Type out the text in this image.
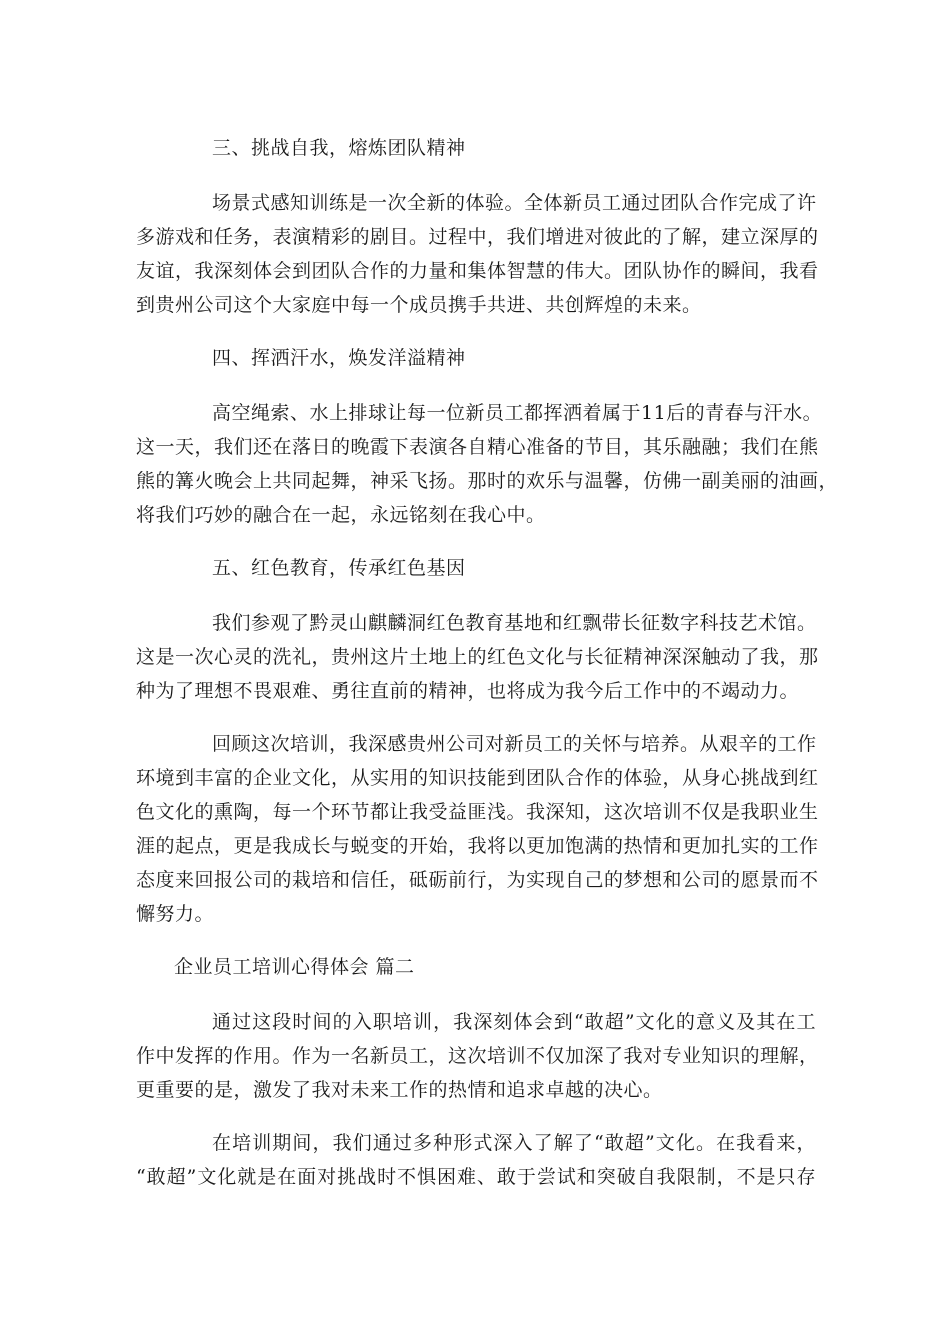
三、挑战自我，熔炼团队精神
场景式感知训练是一次全新的体验。全体新员工通过团队合作完成了许
多游戏和任务，表演精彩的剧目。过程中，我们增进对彼此的了解，建立深厚的
友谊，我深刻体会到团队合作的力量和集体智慧的伟大。团队协作的瞬间，我看
到贵州公司这个大家庭中每一个成员携手共进、共创辉煌的未来。
四、挥洒汗水，焕发洋溢精神
高空绳索、水上排球让每一位新员工都挥洒着属于11后的青春与汗水。
这一天，我们还在落日的晚霞下表演各自精心准备的节目，其乐融融；我们在熊
熊的篝火晚会上共同起舞，神采飞扬。那时的欢乐与温馨，仿佛一副美丽的油画，
将我们巧妙的融合在一起，永远铭刻在我心中。
五、红色教育，传承红色基因
我们参观了黔灵山麒麟洞红色教育基地和红飘带长征数字科技艺术馆。
这是一次心灵的洗礼，贵州这片土地上的红色文化与长征精神深深触动了我，那
种为了理想不畏艰难、勇往直前的精神，也将成为我今后工作中的不竭动力。
回顾这次培训，我深感贵州公司对新员工的关怀与培养。从艰辛的工作
环境到丰富的企业文化，从实用的知识技能到团队合作的体验，从身心挑战到红
色文化的熏陶，每一个环节都让我受益匪浅。我深知，这次培训不仅是我职业生
涯的起点，更是我成长与蜕变的开始，我将以更加饱满的热情和更加扎实的工作
态度来回报公司的栽培和信任，砥砺前行，为实现自己的梦想和公司的愿景而不
懈努力。
企业员工培训心得体会 篇二
通过这段时间的入职培训，我深刻体会到“敢超”文化的意义及其在工
作中发挥的作用。作为一名新员工，这次培训不仅加深了我对专业知识的理解，
更重要的是，激发了我对未来工作的热情和追求卓越的决心。
在培训期间，我们通过多种形式深入了解了“敢超”文化。在我看来，
“敢超”文化就是在面对挑战时不惧困难、敢于尝试和突破自我限制，不是只存
